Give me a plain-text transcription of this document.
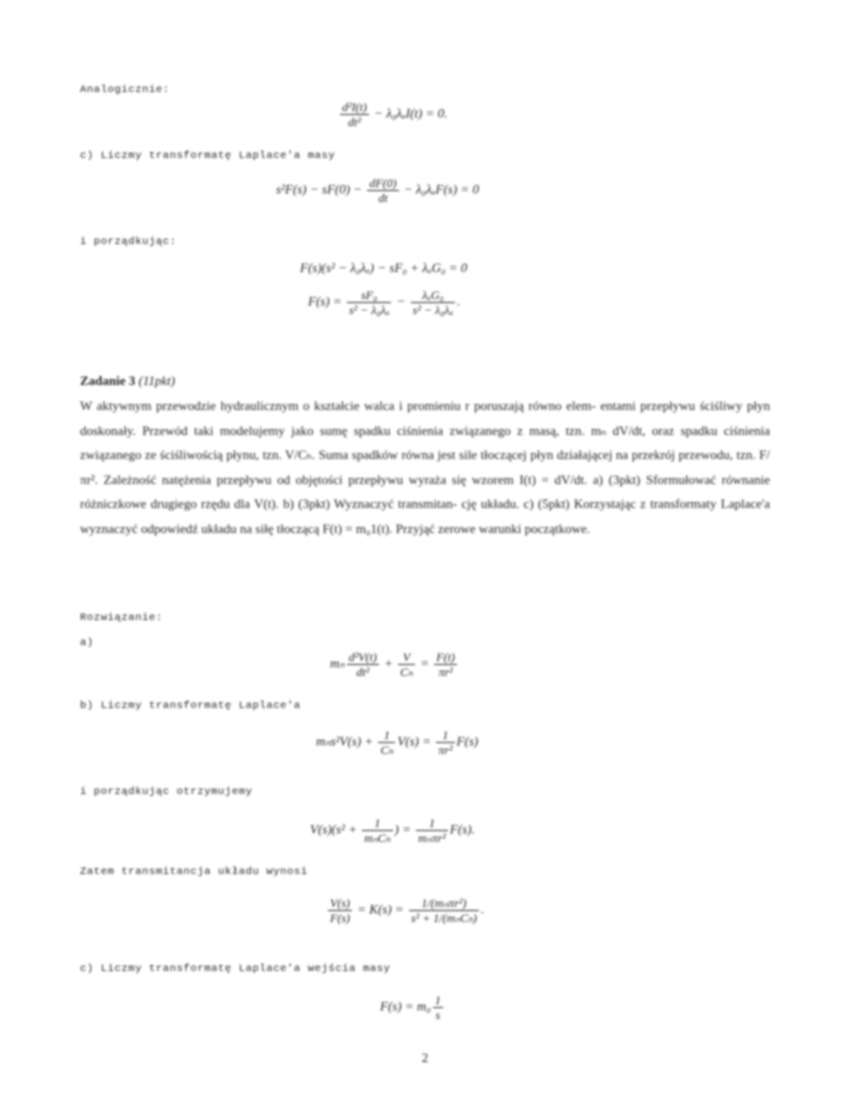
Analogicznie:
$\frac{\text{d²I(t)}}{\text{dt²}} - \lambda_0\lambda_aI(t) = 0$.
c) Liczmy transformatę Laplace'a masy
$s^2F(s) - sF(0) - \frac{dF(0)}{dt} - \lambda_0\lambda_aF(s) = 0$
i porządkując:
F(s)(s² − λ₀λₐ) − sF₀ + λₐG₀ = 0
$F(s) = \frac{\text{sF₀}}{\text{s² − λ₀λₐ}} - \frac{\text{λₐG₀}}{\text{s² − λ₀λₐ}}$ .
Zadanie 3 (11pkt)
W aktywnym przewodzie hydraulicznym o kształcie walca i promieniu r poruszają równo elem- entami przepływu ściśliwy płyn doskonały. Przewód taki modelujemy jako sumę spadku ciśnienia związanego z masą, tzn. mₙ dV/dt, oraz spadku ciśnienia związanego ze ściśliwością płynu, tzn. V/Cₕ. Suma spadków równa jest sile tłoczącej płyn działającej na przekrój przewodu, tzn. F/πr². Zależność natężenia przepływu od objętości przepływu wyraża się wzorem I(t) = dV/dt. a) (3pkt) Sformułować równanie różniczkowe drugiego rzędu dla V(t). b) (3pkt) Wyznaczyć transmitan- cję układu. c) (5pkt) Korzystając z transformaty Laplace'a wyznaczyć odpowiedź układu na siłę tłoczącą F(t) = m₀1(t). Przyjąć zerowe warunki początkowe.
Rozwiązanie:
a)
mₙ $\frac{\text{d²V(t)}}{\text{dt²}} + \frac{V}{\text{Cₕ}} = \frac{F(t)}{\text{πr²}}$
b) Liczmy transformatę Laplace'a
$m_ns^2V(s) + \frac{1}{\text{Cₕ}} V(s) = \frac{1}{\text{πr²}} F(s)$
i porządkując otrzymujemy
$V(s)(s^2 + \frac{1}{\text{mₙCₕ}}$ ) = $\frac{1}{\text{mₙπr²}} F(s)$.
Zatem transmitancja układu wynosi
$\frac{V(s)}{F(s)} = K(s) = \frac{\text{1/(mₙπr²)}}{\text{s² + 1/(mₙCₕ)}}$ .
c) Liczmy transformatę Laplace'a wejścia masy
$F(s) = m_0 \frac{1}{s}$
2
